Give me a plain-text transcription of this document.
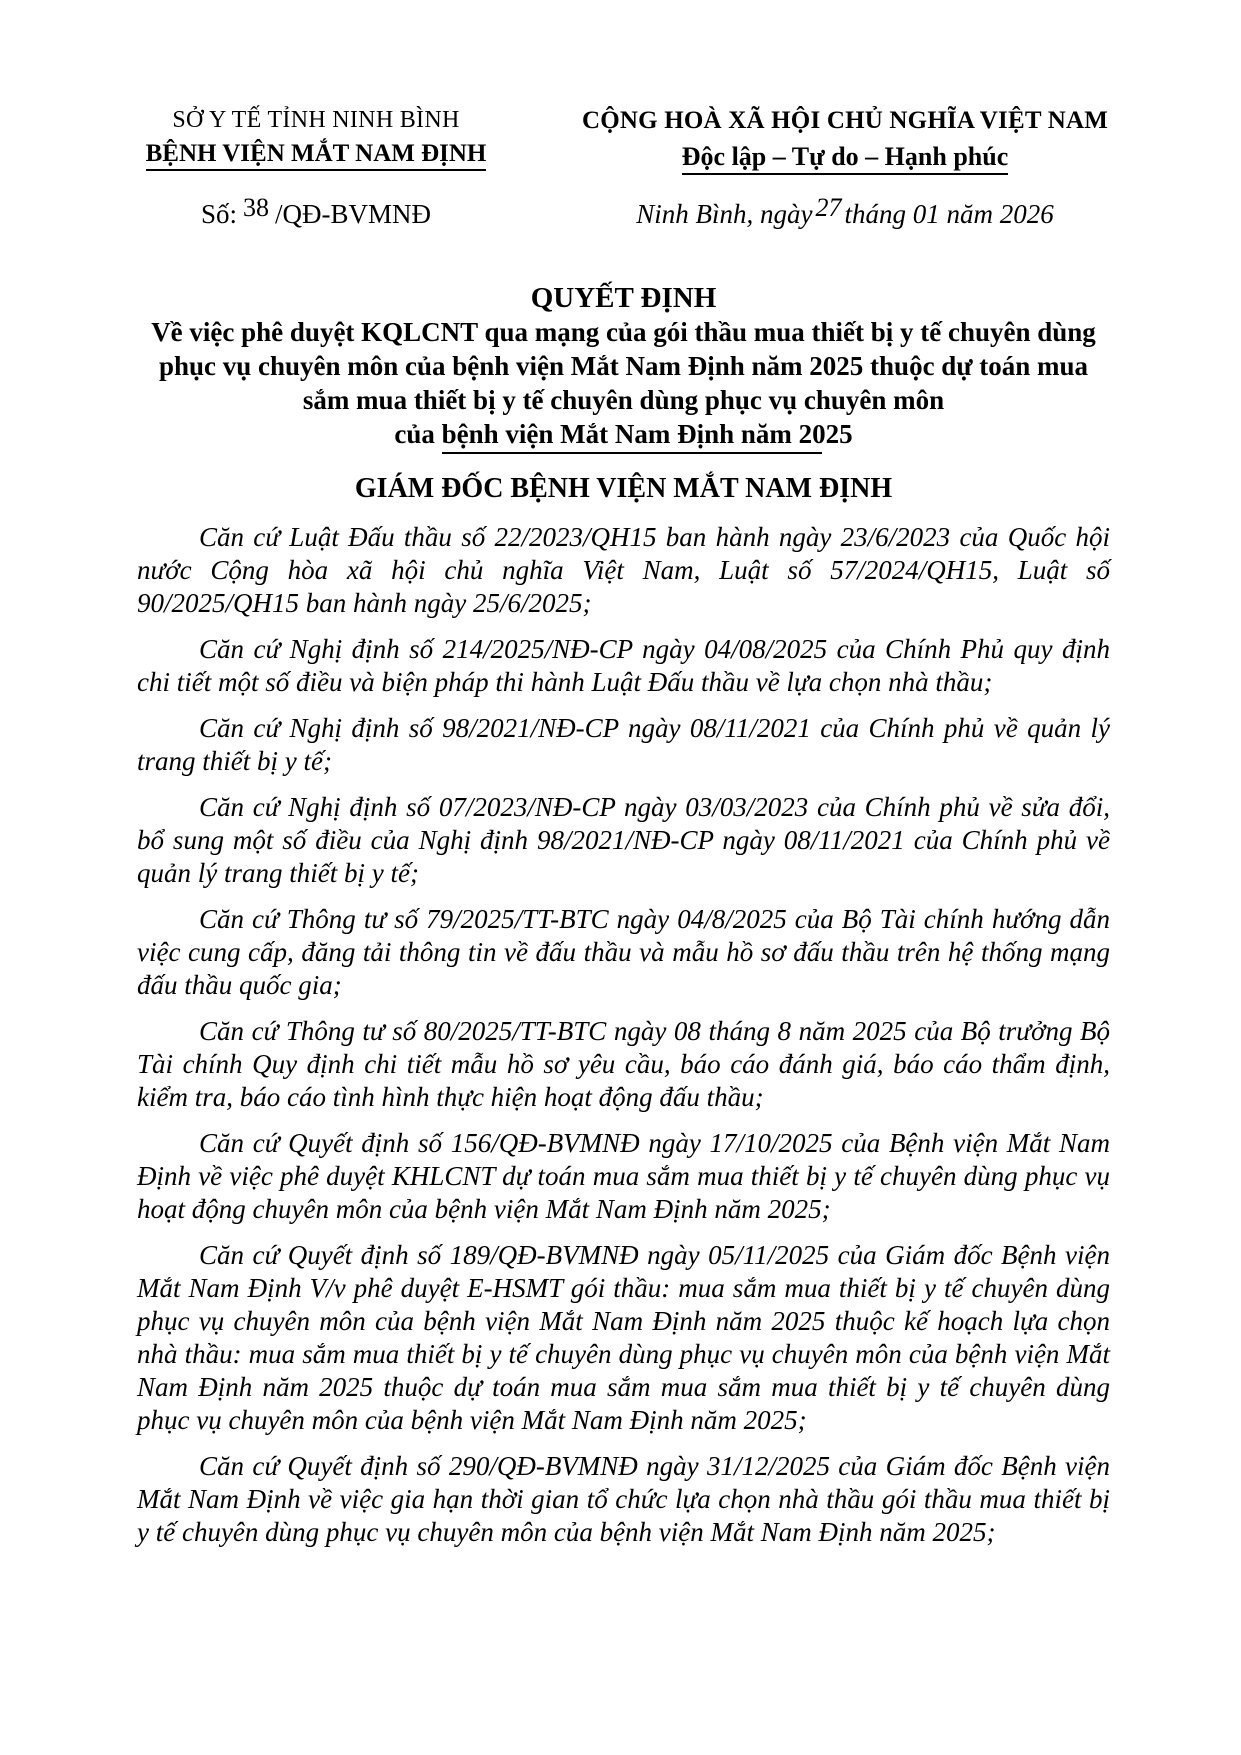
SỞ Y TẾ TỈNH NINH BÌNH
BỆNH VIỆN MẮT NAM ĐỊNH
Số: 38 /QĐ-BVMNĐ
CỘNG HOÀ XÃ HỘI CHỦ NGHĨA VIỆT NAM
Độc lập – Tự do – Hạnh phúc
Ninh Bình, ngày 27 tháng 01 năm 2026
QUYẾT ĐỊNH
Về việc phê duyệt KQLCNT qua mạng của gói thầu mua thiết bị y tế chuyên dùng
phục vụ chuyên môn của bệnh viện Mắt Nam Định năm 2025 thuộc dự toán mua
sắm mua thiết bị y tế chuyên dùng phục vụ chuyên môn
của bệnh viện Mắt Nam Định năm 2025
GIÁM ĐỐC BỆNH VIỆN MẮT NAM ĐỊNH

Căn cứ Luật Đấu thầu số 22/2023/QH15 ban hành ngày 23/6/2023 của Quốc hội nước Cộng hòa xã hội chủ nghĩa Việt Nam, Luật số 57/2024/QH15, Luật số 90/2025/QH15 ban hành ngày 25/6/2025;

Căn cứ Nghị định số 214/2025/NĐ-CP ngày 04/08/2025 của Chính Phủ quy định chi tiết một số điều và biện pháp thi hành Luật Đấu thầu về lựa chọn nhà thầu;

Căn cứ Nghị định số 98/2021/NĐ-CP ngày 08/11/2021 của Chính phủ về quản lý trang thiết bị y tế;

Căn cứ Nghị định số 07/2023/NĐ-CP ngày 03/03/2023 của Chính phủ về sửa đổi, bổ sung một số điều của Nghị định 98/2021/NĐ-CP ngày 08/11/2021 của Chính phủ về quản lý trang thiết bị y tế;

Căn cứ Thông tư số 79/2025/TT-BTC ngày 04/8/2025 của Bộ Tài chính hướng dẫn việc cung cấp, đăng tải thông tin về đấu thầu và mẫu hồ sơ đấu thầu trên hệ thống mạng đấu thầu quốc gia;

Căn cứ Thông tư số 80/2025/TT-BTC ngày 08 tháng 8 năm 2025 của Bộ trưởng Bộ Tài chính Quy định chi tiết mẫu hồ sơ yêu cầu, báo cáo đánh giá, báo cáo thẩm định, kiểm tra, báo cáo tình hình thực hiện hoạt động đấu thầu;

Căn cứ Quyết định số 156/QĐ-BVMNĐ ngày 17/10/2025 của Bệnh viện Mắt Nam Định về việc phê duyệt KHLCNT dự toán mua sắm mua thiết bị y tế chuyên dùng phục vụ hoạt động chuyên môn của bệnh viện Mắt Nam Định năm 2025;

Căn cứ Quyết định số 189/QĐ-BVMNĐ ngày 05/11/2025 của Giám đốc Bệnh viện Mắt Nam Định V/v phê duyệt E-HSMT gói thầu: mua sắm mua thiết bị y tế chuyên dùng phục vụ chuyên môn của bệnh viện Mắt Nam Định năm 2025 thuộc kế hoạch lựa chọn nhà thầu: mua sắm mua thiết bị y tế chuyên dùng phục vụ chuyên môn của bệnh viện Mắt Nam Định năm 2025 thuộc dự toán mua sắm mua sắm mua thiết bị y tế chuyên dùng phục vụ chuyên môn của bệnh viện Mắt Nam Định năm 2025;

Căn cứ Quyết định số 290/QĐ-BVMNĐ ngày 31/12/2025 của Giám đốc Bệnh viện Mắt Nam Định về việc gia hạn thời gian tổ chức lựa chọn nhà thầu gói thầu mua thiết bị y tế chuyên dùng phục vụ chuyên môn của bệnh viện Mắt Nam Định năm 2025;
